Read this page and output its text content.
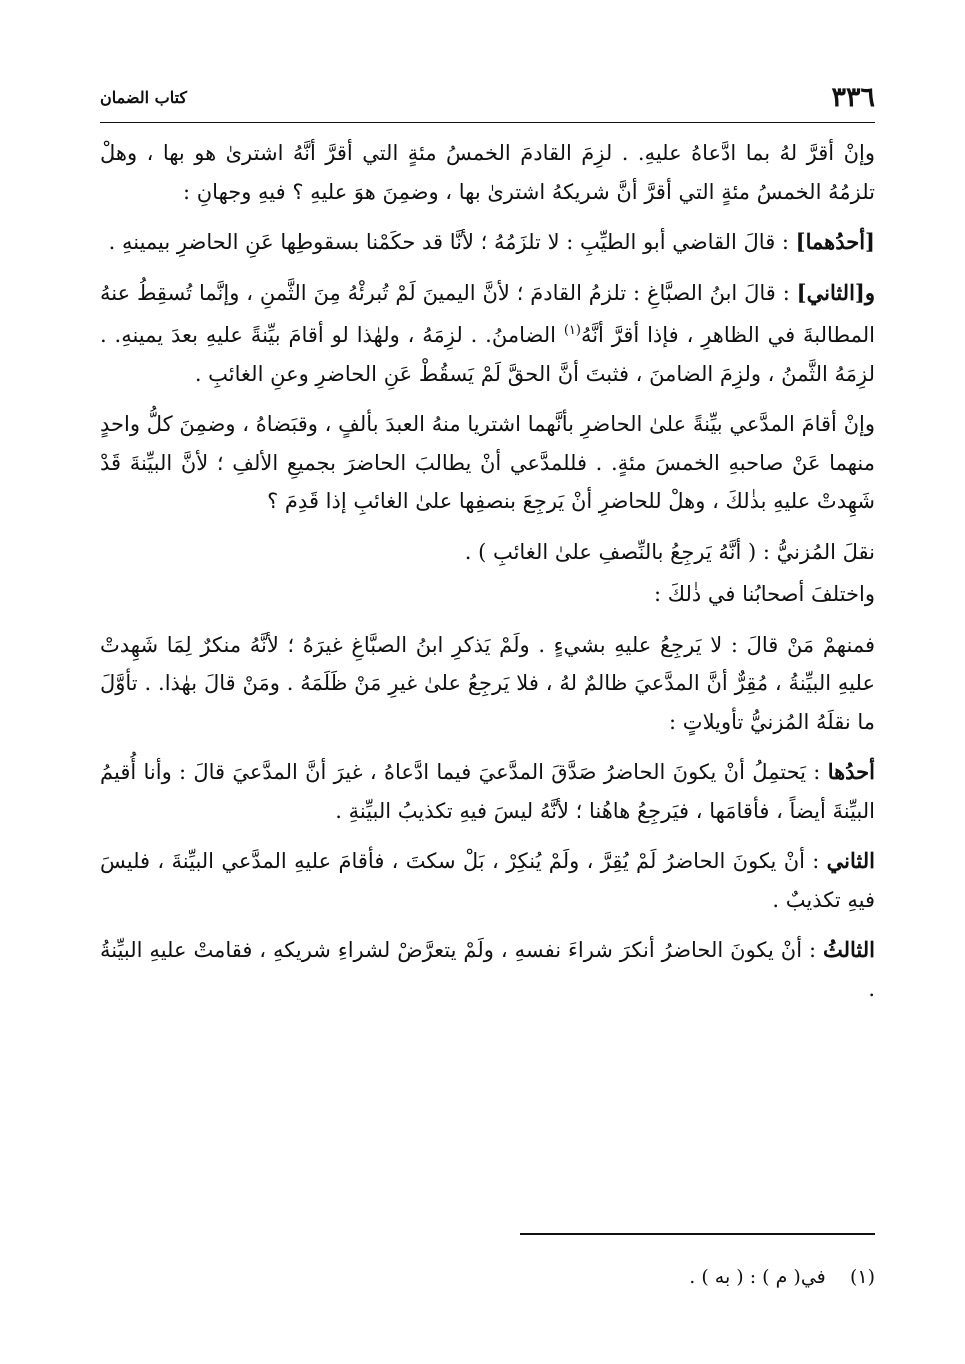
٣٣٦
كتاب الضمان

وإنْ أقرَّ لهُ بما ادَّعاهُ عليهِ. . لزِمَ القادمَ الخمسُ مئةٍ التي أقرَّ أنَّهُ اشترىٰ هو بها ، وهلْ تلزمُهُ الخمسُ مئةٍ التي أقرَّ أنَّ شريكهُ اشترىٰ بها ، وضمِنَ هوَ عليهِ ؟ فيهِ وجهانِ :

[أحدُهما] : قالَ القاضي أبو الطيِّبِ : لا تلزَمُهُ ؛ لأنَّا قد حكَمْنا بسقوطِها عَنِ الحاضرِ بيمينهِ .

و[الثاني] : قالَ ابنُ الصبَّاغِ : تلزمُ القادمَ ؛ لأنَّ اليمينَ لَمْ تُبرئْهُ مِنَ الثَّمنِ ، وإنَّما تُسقِطُ عنهُ المطالبةَ في الظاهرِ ، فإذا أقرَّ أنَّهُ$^{(١)}$ الضامنُ. . لزِمَهُ ، ولهٰذا لو أقامَ بيِّنةً عليهِ بعدَ يمينهِ. . لزِمَهُ الثَّمنُ ، ولزِمَ الضامنَ ، فثبتَ أنَّ الحقَّ لَمْ يَسقُطْ عَنِ الحاضرِ وعنِ الغائبِ .

وإنْ أقامَ المدَّعي بيِّنةً علىٰ الحاضرِ بأنَّهما اشتريا منهُ العبدَ بألفٍ ، وقبَضاهُ ، وضمِنَ كلُّ واحدٍ منهما عَنْ صاحبهِ الخمسَ مئةٍ. . فللمدَّعي أنْ يطالبَ الحاضرَ بجميعِ الألفِ ؛ لأنَّ البيِّنةَ قَدْ شَهِدتْ عليهِ بذٰلكَ ، وهلْ للحاضرِ أنْ يَرجِعَ بنصفِها علىٰ الغائبِ إذا قَدِمَ ؟

نقلَ المُزنيُّ : ( أنَّهُ يَرجِعُ بالنِّصفِ علىٰ الغائبِ ) .

واختلفَ أصحابُنا في ذٰلكَ :

فمنهمْ مَنْ قالَ : لا يَرجِعُ عليهِ بشيءٍ . ولَمْ يَذكرِ ابنُ الصبَّاغِ غيرَهُ ؛ لأنَّهُ منكرٌ لِمَا شَهِدتْ عليهِ البيِّنةُ ، مُقِرٌّ أنَّ المدَّعيَ ظالمٌ لهُ ، فلا يَرجِعُ علىٰ غيرِ مَنْ ظَلَمَهُ . ومَنْ قالَ بهٰذا. . تأوَّلَ ما نقلَهُ المُزنيُّ تأويلاتٍ :

أحدُها : يَحتمِلُ أنْ يكونَ الحاضرُ صَدَّقَ المدَّعيَ فيما ادَّعاهُ ، غيرَ أنَّ المدَّعيَ قالَ : وأنا أُقيمُ البيِّنةَ أيضاً ، فأقامَها ، فيَرجِعُ هاهُنا ؛ لأنَّهُ ليسَ فيهِ تكذيبُ البيِّنةِ .

الثاني : أنْ يكونَ الحاضرُ لَمْ يُقِرَّ ، ولَمْ يُنكِرْ ، بَلْ سكتَ ، فأقامَ عليهِ المدَّعي البيِّنةَ ، فليسَ فيهِ تكذيبٌ .

الثالثُ : أنْ يكونَ الحاضرُ أنكرَ شراءَ نفسهِ ، ولَمْ يتعرَّضْ لشراءِ شريكهِ ، فقامتْ عليهِ البيِّنةُ .

(١)    في( م ) : ( به ) .
